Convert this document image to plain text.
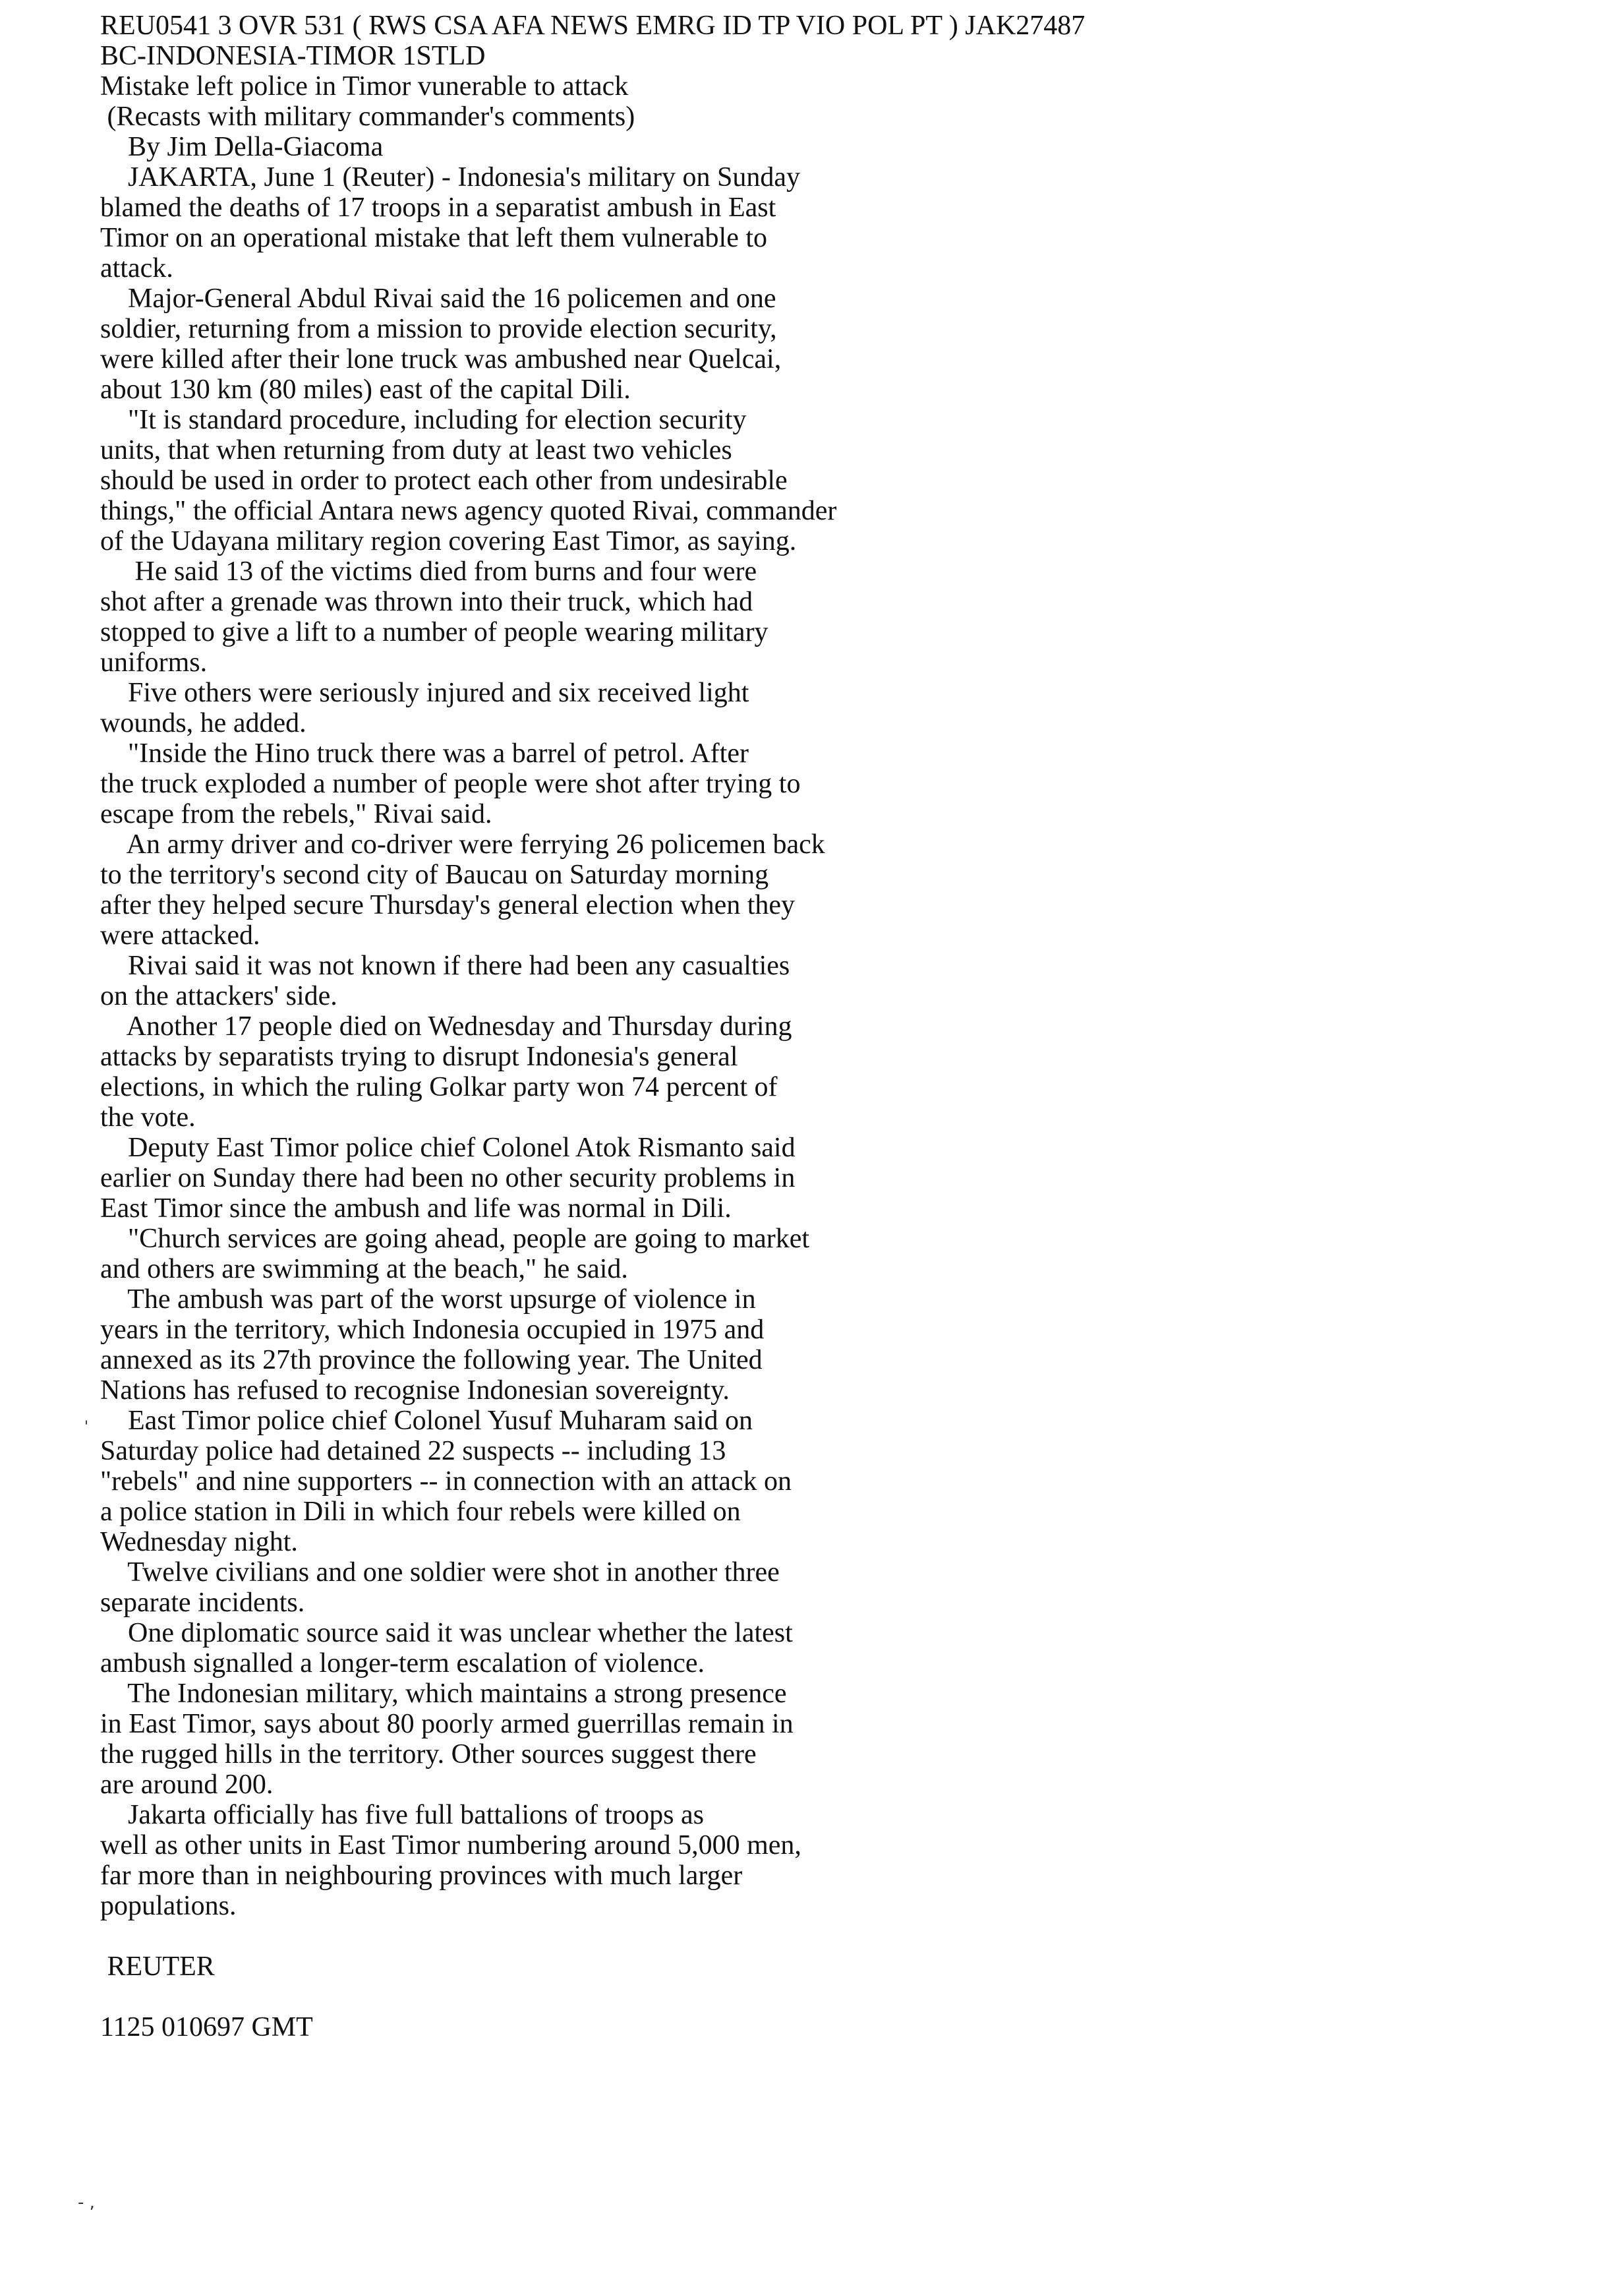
REU0541 3 OVR 531 ( RWS CSA AFA NEWS EMRG ID TP VIO POL PT ) JAK27487
BC-INDONESIA-TIMOR 1STLD
Mistake left police in Timor vunerable to attack
(Recasts with military commander's comments)
By Jim Della-Giacoma
JAKARTA, June 1 (Reuter) - Indonesia's military on Sunday
blamed the deaths of 17 troops in a separatist ambush in East
Timor on an operational mistake that left them vulnerable to
attack.
Major-General Abdul Rivai said the 16 policemen and one
soldier, returning from a mission to provide election security,
were killed after their lone truck was ambushed near Quelcai,
about 130 km (80 miles) east of the capital Dili.
"It is standard procedure, including for election security
units, that when returning from duty at least two vehicles
should be used in order to protect each other from undesirable
things," the official Antara news agency quoted Rivai, commander
of the Udayana military region covering East Timor, as saying.
He said 13 of the victims died from burns and four were
shot after a grenade was thrown into their truck, which had
stopped to give a lift to a number of people wearing military
uniforms.
Five others were seriously injured and six received light
wounds, he added.
"Inside the Hino truck there was a barrel of petrol. After
the truck exploded a number of people were shot after trying to
escape from the rebels," Rivai said.
An army driver and co-driver were ferrying 26 policemen back
to the territory's second city of Baucau on Saturday morning
after they helped secure Thursday's general election when they
were attacked.
Rivai said it was not known if there had been any casualties
on the attackers' side.
Another 17 people died on Wednesday and Thursday during
attacks by separatists trying to disrupt Indonesia's general
elections, in which the ruling Golkar party won 74 percent of
the vote.
Deputy East Timor police chief Colonel Atok Rismanto said
earlier on Sunday there had been no other security problems in
East Timor since the ambush and life was normal in Dili.
"Church services are going ahead, people are going to market
and others are swimming at the beach," he said.
The ambush was part of the worst upsurge of violence in
years in the territory, which Indonesia occupied in 1975 and
annexed as its 27th province the following year. The United
Nations has refused to recognise Indonesian sovereignty.
East Timor police chief Colonel Yusuf Muharam said on
Saturday police had detained 22 suspects -- including 13
"rebels" and nine supporters -- in connection with an attack on
a police station in Dili in which four rebels were killed on
Wednesday night.
Twelve civilians and one soldier were shot in another three
separate incidents.
One diplomatic source said it was unclear whether the latest
ambush signalled a longer-term escalation of violence.
The Indonesian military, which maintains a strong presence
in East Timor, says about 80 poorly armed guerrillas remain in
the rugged hills in the territory. Other sources suggest there
are around 200.
Jakarta officially has five full battalions of troops as
well as other units in East Timor numbering around 5,000 men,
far more than in neighbouring provinces with much larger
populations.
REUTER
1125 010697 GMT
'
- ,
